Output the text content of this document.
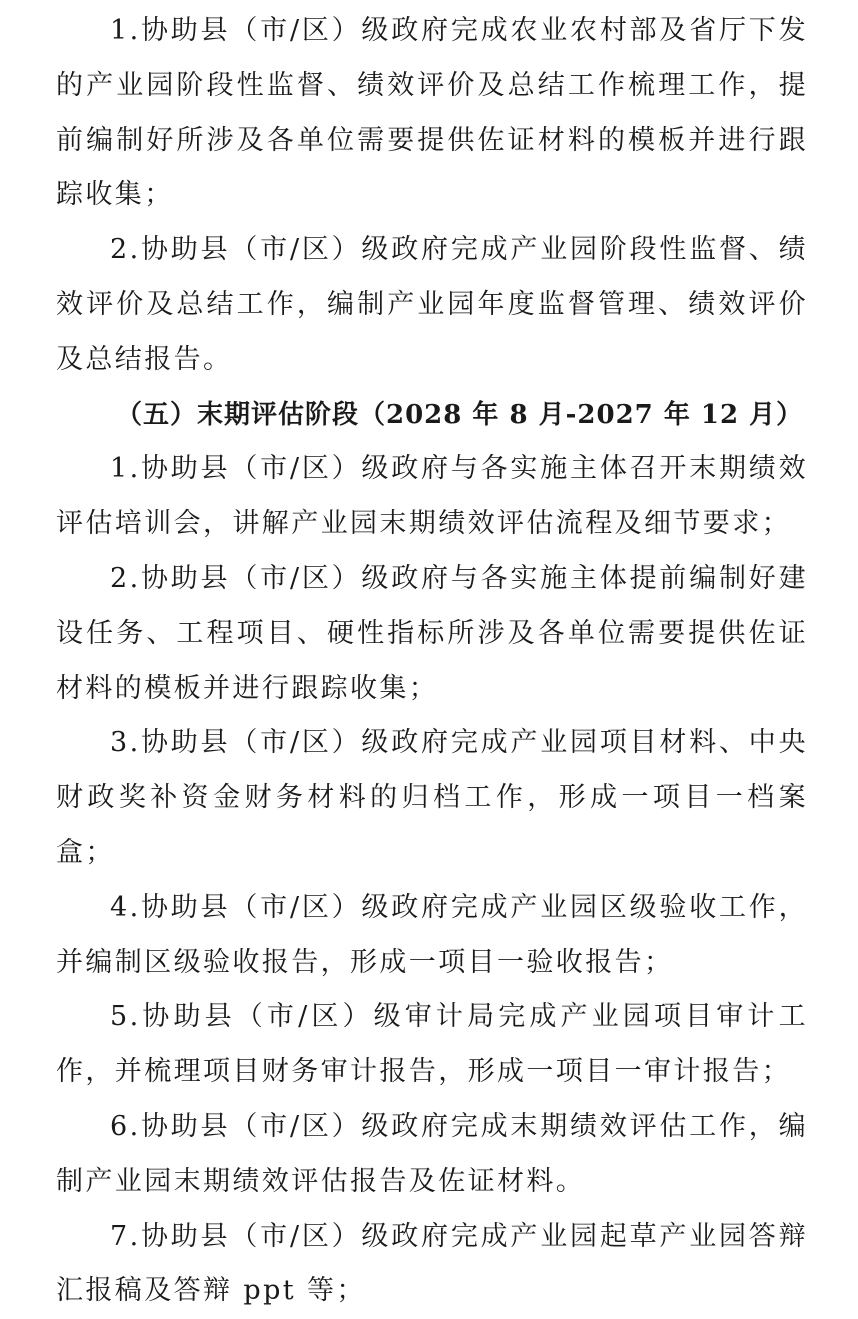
1.协助县（市/区）级政府完成农业农村部及省厅下发的产业园阶段性监督、绩效评价及总结工作梳理工作，提前编制好所涉及各单位需要提供佐证材料的模板并进行跟踪收集；

2.协助县（市/区）级政府完成产业园阶段性监督、绩效评价及总结工作，编制产业园年度监督管理、绩效评价及总结报告。

（五）末期评估阶段（2028 年 8 月-2027 年 12 月）

1.协助县（市/区）级政府与各实施主体召开末期绩效评估培训会，讲解产业园末期绩效评估流程及细节要求；

2.协助县（市/区）级政府与各实施主体提前编制好建设任务、工程项目、硬性指标所涉及各单位需要提供佐证材料的模板并进行跟踪收集；

3.协助县（市/区）级政府完成产业园项目材料、中央财政奖补资金财务材料的归档工作，形成一项目一档案盒；

4.协助县（市/区）级政府完成产业园区级验收工作，并编制区级验收报告，形成一项目一验收报告；

5.协助县（市/区）级审计局完成产业园项目审计工作，并梳理项目财务审计报告，形成一项目一审计报告；

6.协助县（市/区）级政府完成末期绩效评估工作，编制产业园末期绩效评估报告及佐证材料。

7.协助县（市/区）级政府完成产业园起草产业园答辩汇报稿及答辩 ppt 等；
